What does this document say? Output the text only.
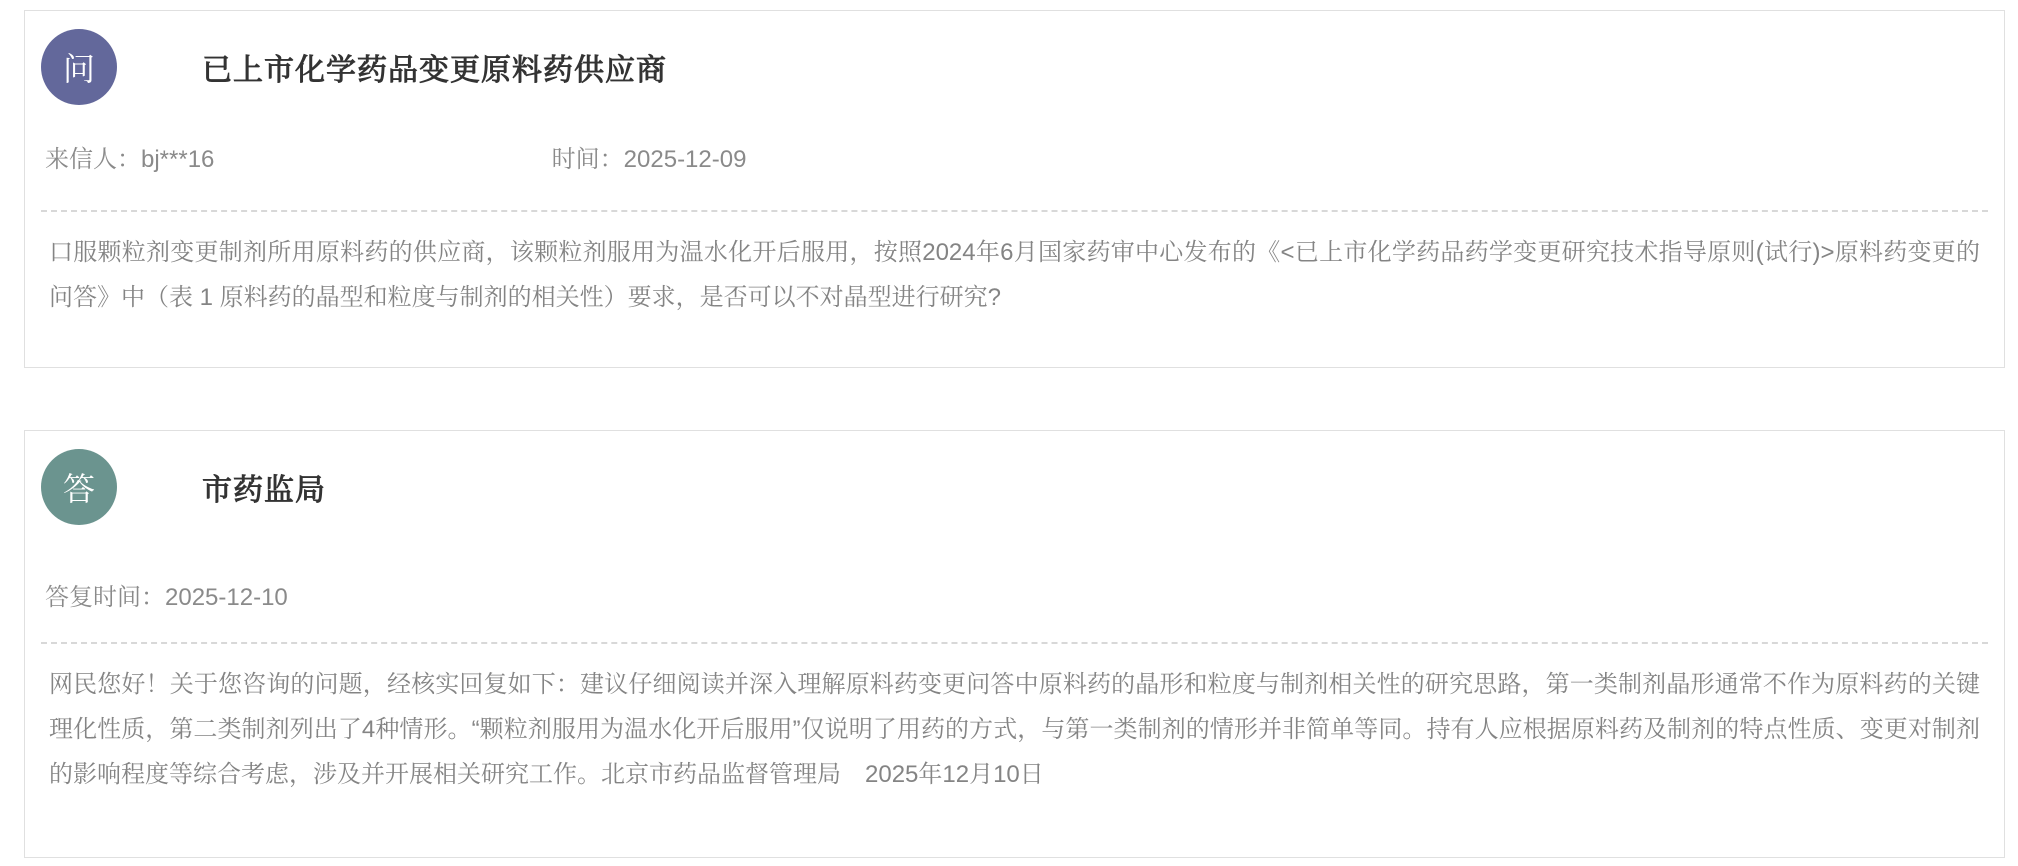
问	已上市化学药品变更原料药供应商
来信人：bj***16	时间：2025-12-09

口服颗粒剂变更制剂所用原料药的供应商，该颗粒剂服用为温水化开后服用，按照2024年6月国家药审中心发布的《<已上市化学药品药学变更研究技术指导原则(试行)>原料药变更的问答》中（表 1 原料药的晶型和粒度与制剂的相关性）要求，是否可以不对晶型进行研究?

答	市药监局
答复时间：2025-12-10

网民您好！关于您咨询的问题，经核实回复如下：建议仔细阅读并深入理解原料药变更问答中原料药的晶形和粒度与制剂相关性的研究思路，第一类制剂晶形通常不作为原料药的关键理化性质，第二类制剂列出了4种情形。“颗粒剂服用为温水化开后服用”仅说明了用药的方式，与第一类制剂的情形并非简单等同。持有人应根据原料药及制剂的特点性质、变更对制剂的影响程度等综合考虑，涉及并开展相关研究工作。北京市药品监督管理局　2025年12月10日
